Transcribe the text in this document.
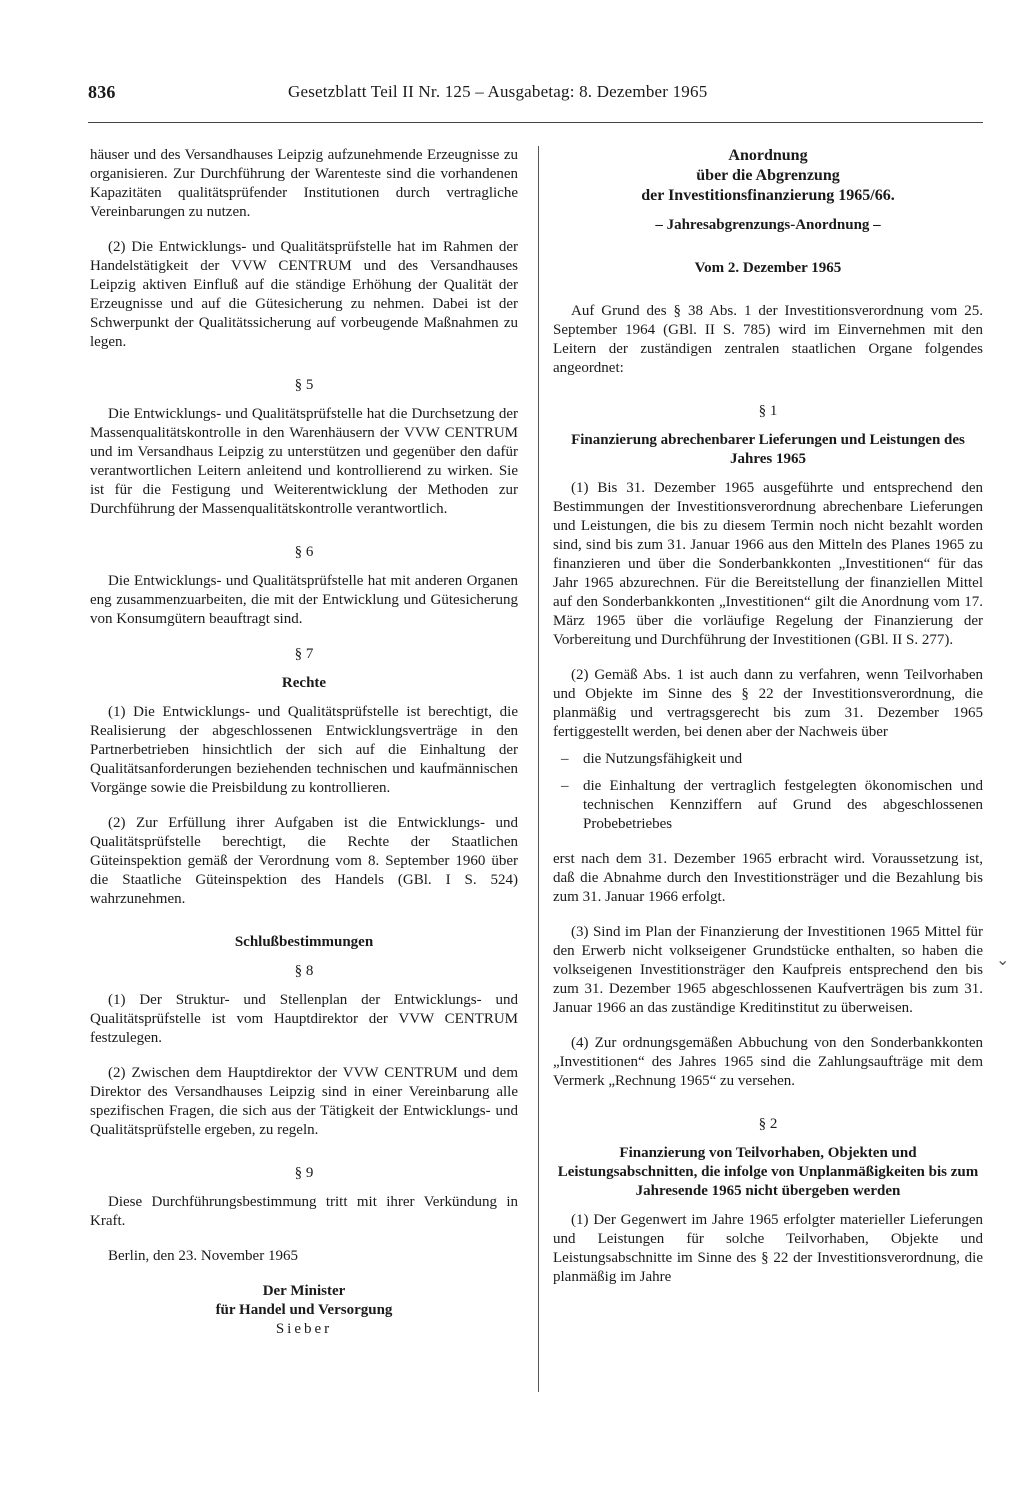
836	Gesetzblatt Teil II Nr. 125 – Ausgabetag: 8. Dezember 1965

häuser und des Versandhauses Leipzig aufzunehmende Erzeugnisse zu organisieren. Zur Durchführung der Warenteste sind die vorhandenen Kapazitäten qualitätsprüfender Institutionen durch vertragliche Vereinbarungen zu nutzen.

(2) Die Entwicklungs- und Qualitätsprüfstelle hat im Rahmen der Handelstätigkeit der VVW CENTRUM und des Versandhauses Leipzig aktiven Einfluß auf die ständige Erhöhung der Qualität der Erzeugnisse und auf die Gütesicherung zu nehmen. Dabei ist der Schwerpunkt der Qualitätssicherung auf vorbeugende Maßnahmen zu legen.

§ 5

Die Entwicklungs- und Qualitätsprüfstelle hat die Durchsetzung der Massenqualitätskontrolle in den Warenhäusern der VVW CENTRUM und im Versandhaus Leipzig zu unterstützen und gegenüber den dafür verantwortlichen Leitern anleitend und kontrollierend zu wirken. Sie ist für die Festigung und Weiterentwicklung der Methoden zur Durchführung der Massenqualitätskontrolle verantwortlich.

§ 6

Die Entwicklungs- und Qualitätsprüfstelle hat mit anderen Organen eng zusammenzuarbeiten, die mit der Entwicklung und Gütesicherung von Konsumgütern beauftragt sind.

§ 7

Rechte

(1) Die Entwicklungs- und Qualitätsprüfstelle ist berechtigt, die Realisierung der abgeschlossenen Entwicklungsverträge in den Partnerbetrieben hinsichtlich der sich auf die Einhaltung der Qualitätsanforderungen beziehenden technischen und kaufmännischen Vorgänge sowie die Preisbildung zu kontrollieren.

(2) Zur Erfüllung ihrer Aufgaben ist die Entwicklungs- und Qualitätsprüfstelle berechtigt, die Rechte der Staatlichen Güteinspektion gemäß der Verordnung vom 8. September 1960 über die Staatliche Güteinspektion des Handels (GBl. I S. 524) wahrzunehmen.

Schlußbestimmungen

§ 8

(1) Der Struktur- und Stellenplan der Entwicklungs- und Qualitätsprüfstelle ist vom Hauptdirektor der VVW CENTRUM festzulegen.

(2) Zwischen dem Hauptdirektor der VVW CENTRUM und dem Direktor des Versandhauses Leipzig sind in einer Vereinbarung alle spezifischen Fragen, die sich aus der Tätigkeit der Entwicklungs- und Qualitätsprüfstelle ergeben, zu regeln.

§ 9

Diese Durchführungsbestimmung tritt mit ihrer Verkündung in Kraft.

Berlin, den 23. November 1965

Der Minister

für Handel und Versorgung

Sieber

Anordnung

über die Abgrenzung

der Investitionsfinanzierung 1965/66.

– Jahresabgrenzungs-Anordnung –

Vom 2. Dezember 1965

Auf Grund des § 38 Abs. 1 der Investitionsverordnung vom 25. September 1964 (GBl. II S. 785) wird im Einvernehmen mit den Leitern der zuständigen zentralen staatlichen Organe folgendes angeordnet:

§ 1

Finanzierung abrechenbarer Lieferungen und Leistungen des Jahres 1965

(1) Bis 31. Dezember 1965 ausgeführte und entsprechend den Bestimmungen der Investitionsverordnung abrechenbare Lieferungen und Leistungen, die bis zu diesem Termin noch nicht bezahlt worden sind, sind bis zum 31. Januar 1966 aus den Mitteln des Planes 1965 zu finanzieren und über die Sonderbankkonten „Investitionen“ für das Jahr 1965 abzurechnen. Für die Bereitstellung der finanziellen Mittel auf den Sonderbankkonten „Investitionen“ gilt die Anordnung vom 17. März 1965 über die vorläufige Regelung der Finanzierung der Vorbereitung und Durchführung der Investitionen (GBl. II S. 277).

(2) Gemäß Abs. 1 ist auch dann zu verfahren, wenn Teilvorhaben und Objekte im Sinne des § 22 der Investitionsverordnung, die planmäßig und vertragsgerecht bis zum 31. Dezember 1965 fertiggestellt werden, bei denen aber der Nachweis über

– die Nutzungsfähigkeit und

– die Einhaltung der vertraglich festgelegten ökonomischen und technischen Kennziffern auf Grund des abgeschlossenen Probebetriebes

erst nach dem 31. Dezember 1965 erbracht wird. Voraussetzung ist, daß die Abnahme durch den Investitionsträger und die Bezahlung bis zum 31. Januar 1966 erfolgt.

(3) Sind im Plan der Finanzierung der Investitionen 1965 Mittel für den Erwerb nicht volkseigener Grundstücke enthalten, so haben die volkseigenen Investitionsträger den Kaufpreis entsprechend den bis zum 31. Dezember 1965 abgeschlossenen Kaufverträgen bis zum 31. Januar 1966 an das zuständige Kreditinstitut zu überweisen.

(4) Zur ordnungsgemäßen Abbuchung von den Sonderbankkonten „Investitionen“ des Jahres 1965 sind die Zahlungsaufträge mit dem Vermerk „Rechnung 1965“ zu versehen.

§ 2

Finanzierung von Teilvorhaben, Objekten und Leistungsabschnitten, die infolge von Unplanmäßigkeiten bis zum Jahresende 1965 nicht übergeben werden

(1) Der Gegenwert im Jahre 1965 erfolgter materieller Lieferungen und Leistungen für solche Teilvorhaben, Objekte und Leistungsabschnitte im Sinne des § 22 der Investitionsverordnung, die planmäßig im Jahre

⌄
